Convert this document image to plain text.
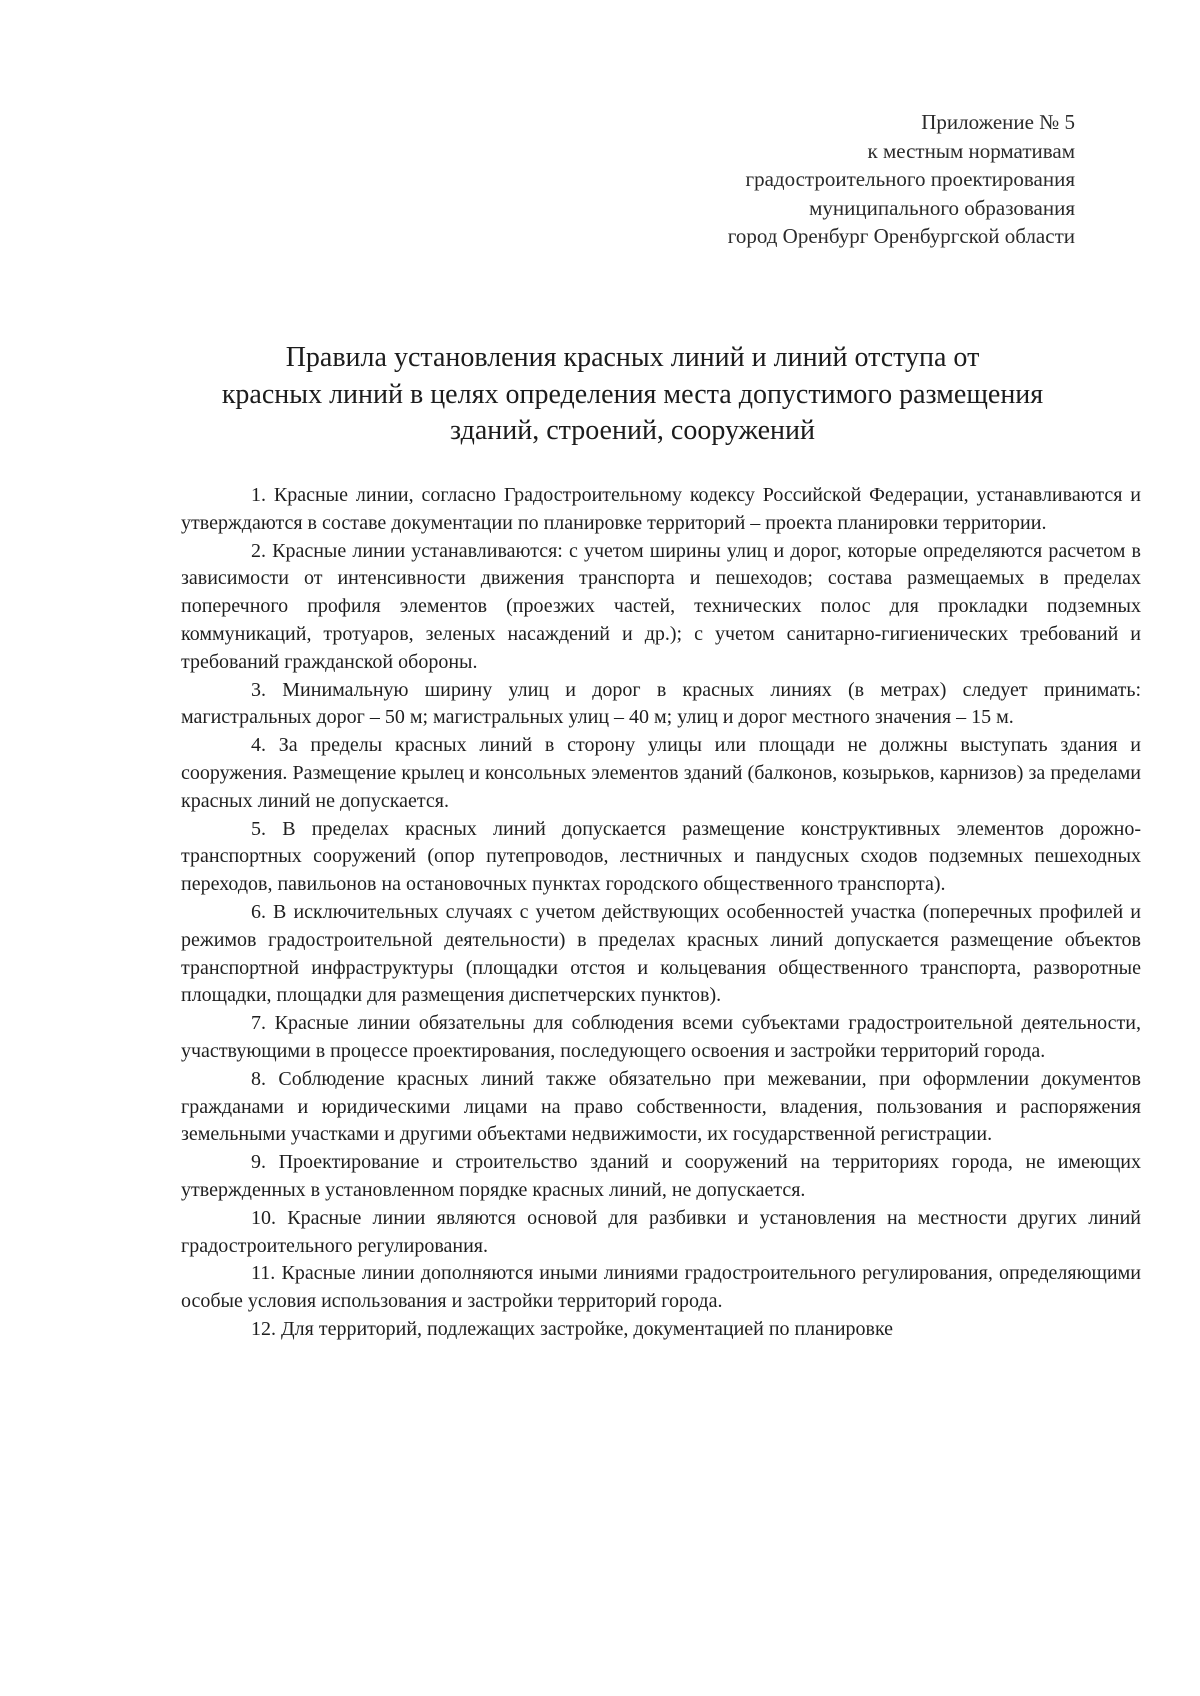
Приложение № 5
к местным нормативам
градостроительного проектирования
муниципального образования
город Оренбург Оренбургской области
Правила установления красных линий и линий отступа от
красных линий в целях определения места допустимого размещения
зданий, строений, сооружений

1. Красные линии, согласно Градостроительному кодексу Российской Федерации, устанавливаются и утверждаются в составе документации по планировке территорий – проекта планировки территории.

2. Красные линии устанавливаются: с учетом ширины улиц и дорог, которые определяются расчетом в зависимости от интенсивности движения транспорта и пешеходов; состава размещаемых в пределах поперечного профиля элементов (проезжих частей, технических полос для прокладки подземных коммуникаций, тротуаров, зеленых насаждений и др.); с учетом санитарно-гигиенических требований и требований гражданской обороны.

3. Минимальную ширину улиц и дорог в красных линиях (в метрах) следует принимать: магистральных дорог – 50 м; магистральных улиц – 40 м; улиц и дорог местного значения – 15 м.

4. За пределы красных линий в сторону улицы или площади не должны выступать здания и сооружения. Размещение крылец и консольных элементов зданий (балконов, козырьков, карнизов) за пределами красных линий не допускается.

5. В пределах красных линий допускается размещение конструктивных элементов дорожно-транспортных сооружений (опор путепроводов, лестничных и пандусных сходов подземных пешеходных переходов, павильонов на остановочных пунктах городского общественного транспорта).

6. В исключительных случаях с учетом действующих особенностей участка (поперечных профилей и режимов градостроительной деятельности) в пределах красных линий допускается размещение объектов транспортной инфраструктуры (площадки отстоя и кольцевания общественного транспорта, разворотные площадки, площадки для размещения диспетчерских пунктов).

7. Красные линии обязательны для соблюдения всеми субъектами градостроительной деятельности, участвующими в процессе проектирования, последующего освоения и застройки территорий города.

8. Соблюдение красных линий также обязательно при межевании, при оформлении документов гражданами и юридическими лицами на право собственности, владения, пользования и распоряжения земельными участками и другими объектами недвижимости, их государственной регистрации.

9. Проектирование и строительство зданий и сооружений на территориях города, не имеющих утвержденных в установленном порядке красных линий, не допускается.

10. Красные линии являются основой для разбивки и установления на местности других линий градостроительного регулирования.

11. Красные линии дополняются иными линиями градостроительного регулирования, определяющими особые условия использования и застройки территорий города.

12. Для территорий, подлежащих застройке, документацией по планировке
